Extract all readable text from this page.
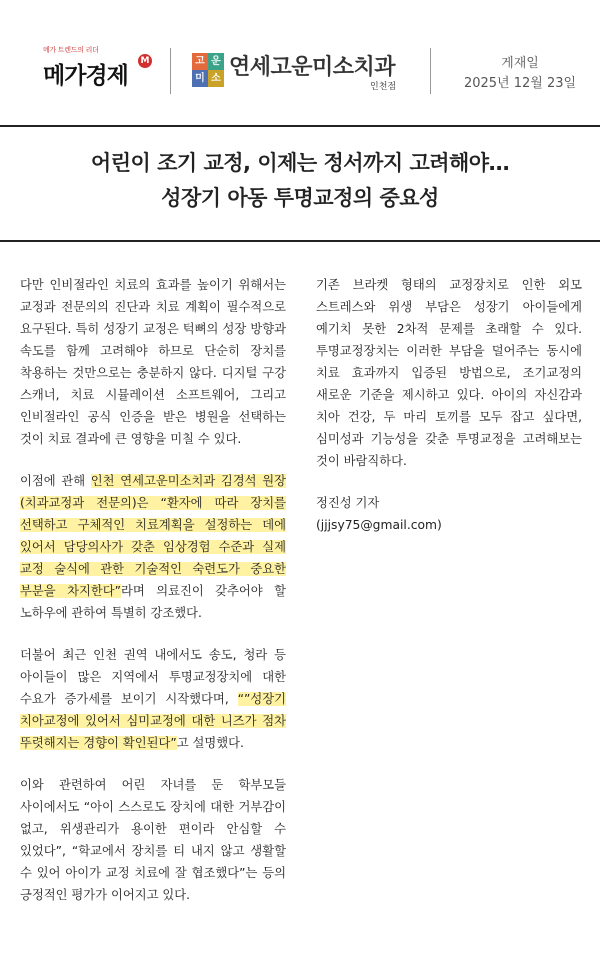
메가 트렌드의 리더
메가경제
M	고 운
미 소 연세고운미소치과
인천점
게재일
2025년 12월 23일
어린이 조기 교정, 이제는 정서까지 고려해야…
성장기 아동 투명교정의 중요성

다만 인비절라인 치료의 효과를 높이기 위해서는 교정과 전문의의 진단과 치료 계획이 필수적으로 요구된다. 특히 성장기 교정은 턱뼈의 성장 방향과 속도를 함께 고려해야 하므로 단순히 장치를 착용하는 것만으로는 충분하지 않다. 디지털 구강 스캐너, 치료 시뮬레이션 소프트웨어, 그리고 인비절라인 공식 인증을 받은 병원을 선택하는 것이 치료 결과에 큰 영향을 미칠 수 있다.

이점에 관해 인천 연세고운미소치과 김경석 원장(치과교정과 전문의)은 “환자에 따라 장치를 선택하고 구체적인 치료계획을 설정하는 데에 있어서 담당의사가 갖춘 임상경험 수준과 실제 교정 술식에 관한 기술적인 숙련도가 중요한 부분을 차지한다”라며 의료진이 갖추어야 할 노하우에 관하여 특별히 강조했다.

더불어 최근 인천 권역 내에서도 송도, 청라 등 아이들이 많은 지역에서 투명교정장치에 대한 수요가 증가세를 보이기 시작했다며, “”성장기 치아교정에 있어서 심미교정에 대한 니즈가 점차 뚜렷해지는 경향이 확인된다”고 설명했다.

이와 관련하여 어린 자녀를 둔 학부모들 사이에서도 “아이 스스로도 장치에 대한 거부감이 없고, 위생관리가 용이한 편이라 안심할 수 있었다”, “학교에서 장치를 티 내지 않고 생활할 수 있어 아이가 교정 치료에 잘 협조했다”는 등의 긍정적인 평가가 이어지고 있다.

기존 브라켓 형태의 교정장치로 인한 외모 스트레스와 위생 부담은 성장기 아이들에게 예기치 못한 2차적 문제를 초래할 수 있다. 투명교정장치는 이러한 부담을 덜어주는 동시에 치료 효과까지 입증된 방법으로, 조기교정의 새로운 기준을 제시하고 있다. 아이의 자신감과 치아 건강, 두 마리 토끼를 모두 잡고 싶다면, 심미성과 기능성을 갖춘 투명교정을 고려해보는 것이 바람직하다.

정진성 기자
(jjjsy75@gmail.com)
